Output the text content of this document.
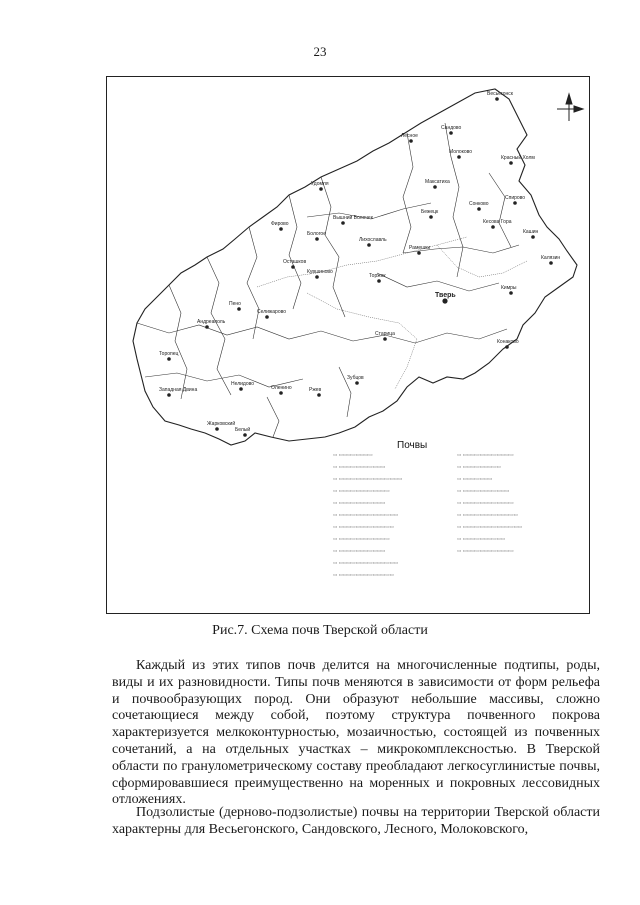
23
Весьегонск
Сандово
Лесное
Молоково
Красный Холм
Максатиха
Бежецк
Сонково
Удомля
Вышний Волочек
Спирово
Лихославль
Кесова Гора
Кашин
Калязин
Кимры
Рамешки
Кувшиново
Торжок
Тверь
Конаково
Осташков
Пено
Селижарово
Андреаполь
Торопец
Западная Двина
Нелидово
Оленино
Старица
Зубцов
Ржев
Жарковский
Белый
Фирово
Бологое
Почвы
▭ ▭▭▭▭▭▭▭▭
▭ ▭▭▭▭▭▭▭▭▭▭▭
▭ ▭▭▭▭▭▭▭▭▭▭▭▭▭▭▭
▭ ▭▭▭▭▭▭▭▭▭▭▭▭
▭ ▭▭▭▭▭▭▭▭▭▭▭
▭ ▭▭▭▭▭▭▭▭▭▭▭▭▭▭
▭ ▭▭▭▭▭▭▭▭▭▭▭▭▭
▭ ▭▭▭▭▭▭▭▭▭▭▭▭
▭ ▭▭▭▭▭▭▭▭▭▭▭
▭ ▭▭▭▭▭▭▭▭▭▭▭▭▭▭
▭ ▭▭▭▭▭▭▭▭▭▭▭▭▭
▭ ▭▭▭▭▭▭▭▭▭▭▭▭
▭ ▭▭▭▭▭▭▭▭▭
▭ ▭▭▭▭▭▭▭
▭ ▭▭▭▭▭▭▭▭▭▭▭
▭ ▭▭▭▭▭▭▭▭▭▭▭▭
▭ ▭▭▭▭▭▭▭▭▭▭▭▭▭
▭ ▭▭▭▭▭▭▭▭▭▭▭▭▭▭
▭ ▭▭▭▭▭▭▭▭▭▭
▭ ▭▭▭▭▭▭▭▭▭▭▭▭
Рис.7. Схема почв Тверской области

Каждый из этих типов почв делится на многочисленные подтипы, роды, виды и их разновидности. Типы почв меняются в зависимости от форм рельефа и почвообразующих пород. Они образуют небольшие массивы, сложно сочетающиеся между собой, поэтому структура почвенного покрова характеризуется мелкоконтурностью, мозаичностью, состоящей из почвенных сочетаний, а на отдельных участках – микрокомплексностью. В Тверской области по гранулометрическому составу преобладают легкосуглинистые почвы, сформировавшиеся преимущественно на моренных и покровных лессовидных отложениях.

Подзолистые (дерново-подзолистые) почвы на территории Тверской области характерны для Весьегонского, Сандовского, Лесного, Молоковского,
